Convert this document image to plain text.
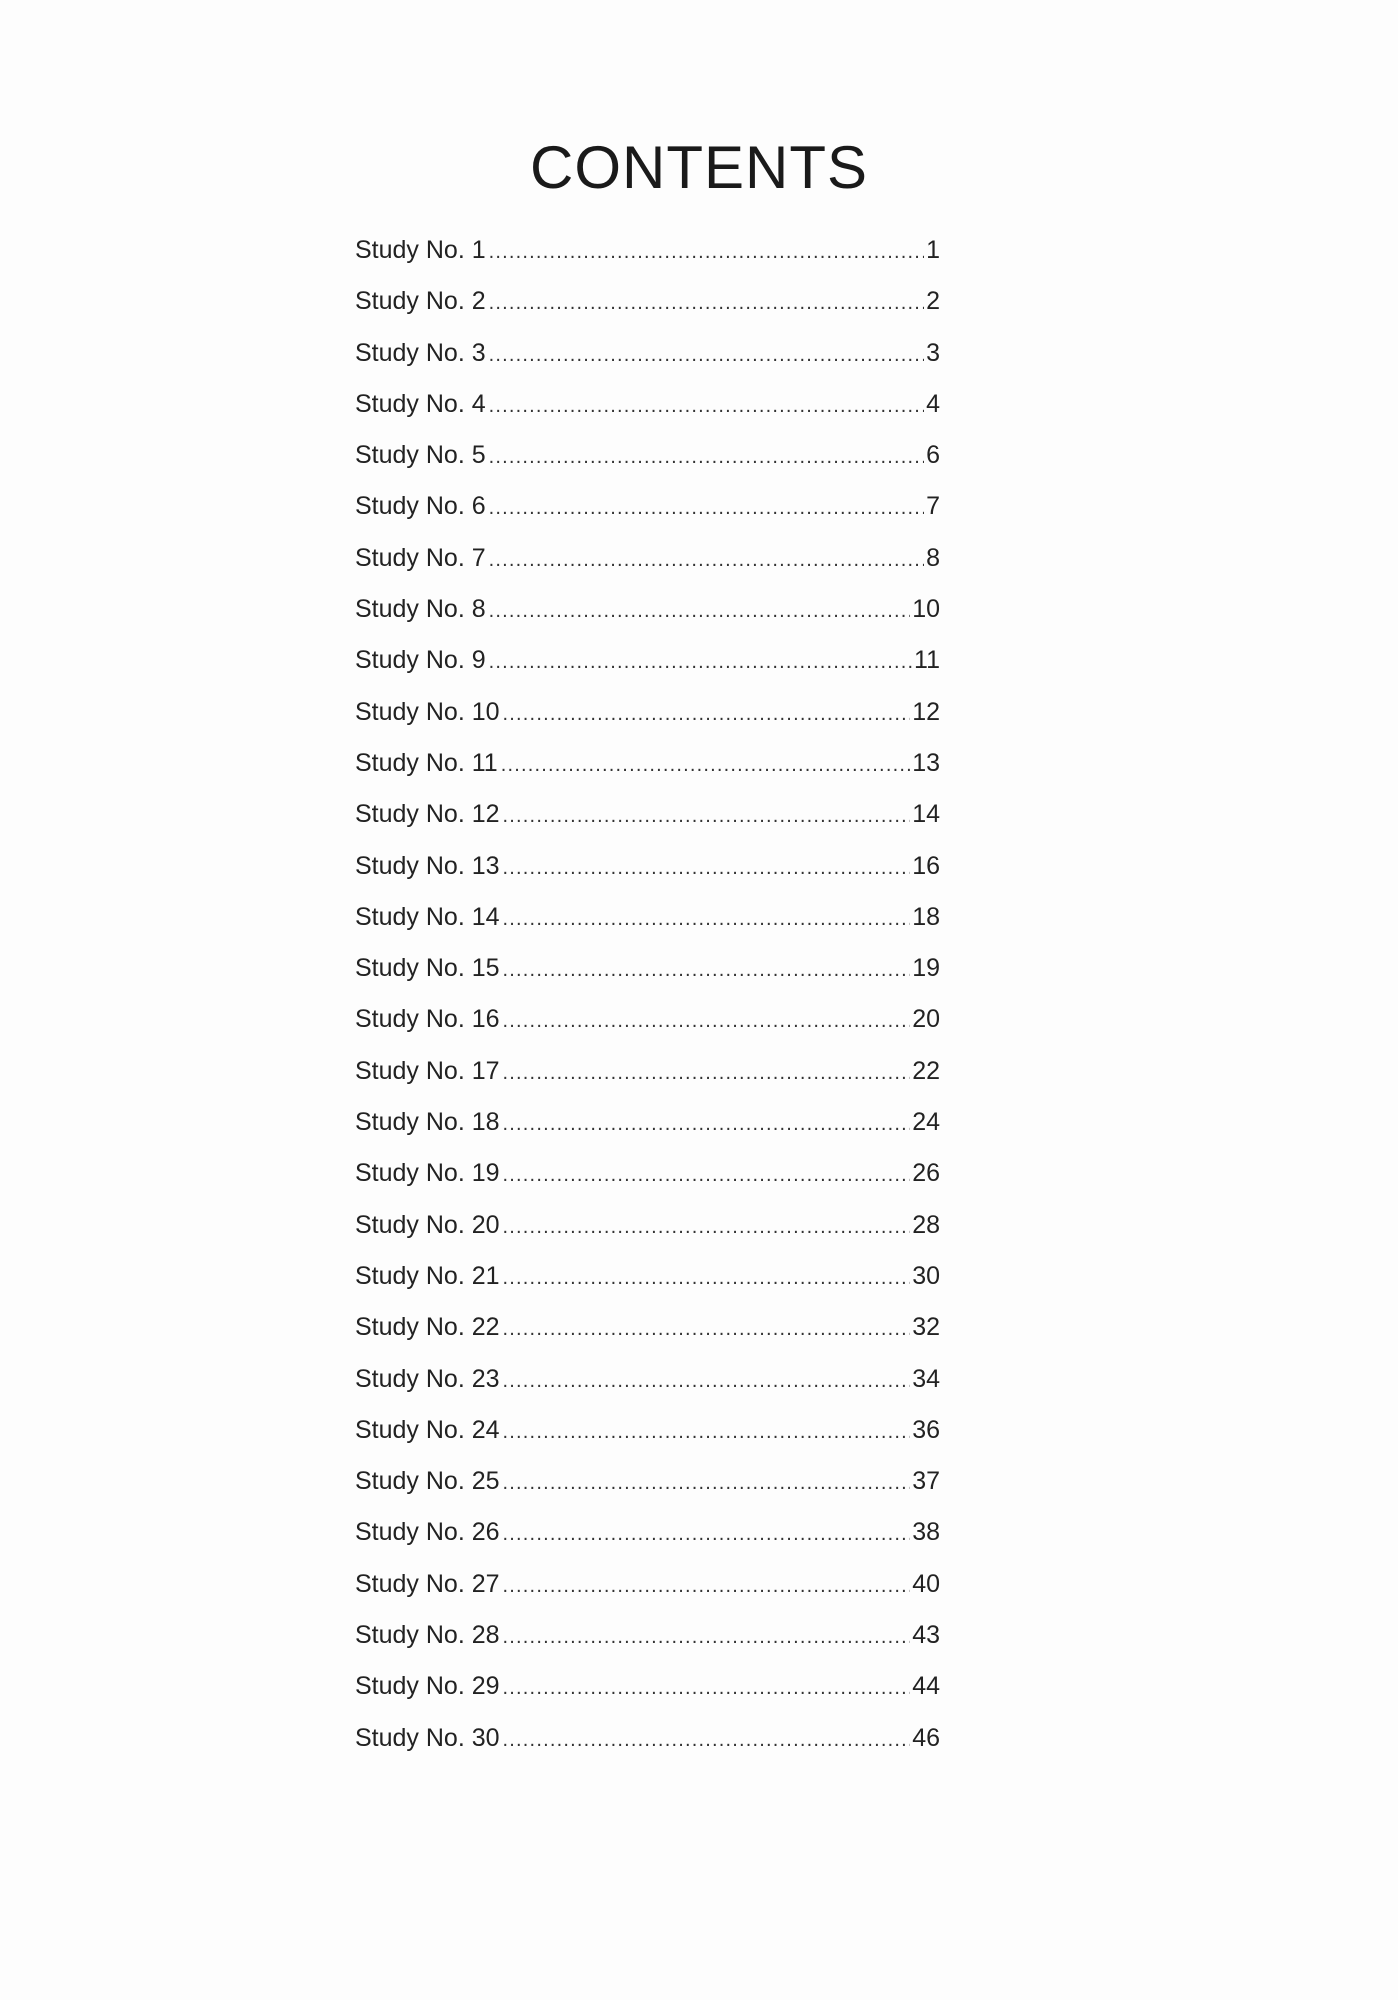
CONTENTS
Study No. 1 .....	1
Study No. 2 .....	2
Study No. 3 .....	3
Study No. 4 .....	4
Study No. 5 .....	6
Study No. 6 .....	7
Study No. 7 .....	8
Study No. 8 .....	10
Study No. 9 .....	11
Study No. 10 .....	12
Study No. 11 .....	13
Study No. 12 .....	14
Study No. 13 .....	16
Study No. 14 .....	18
Study No. 15 .....	19
Study No. 16 .....	20
Study No. 17 .....	22
Study No. 18 .....	24
Study No. 19 .....	26
Study No. 20 .....	28
Study No. 21 .....	30
Study No. 22 .....	32
Study No. 23 .....	34
Study No. 24 .....	36
Study No. 25 .....	37
Study No. 26 .....	38
Study No. 27 .....	40
Study No. 28 .....	43
Study No. 29 .....	44
Study No. 30 .....	46
